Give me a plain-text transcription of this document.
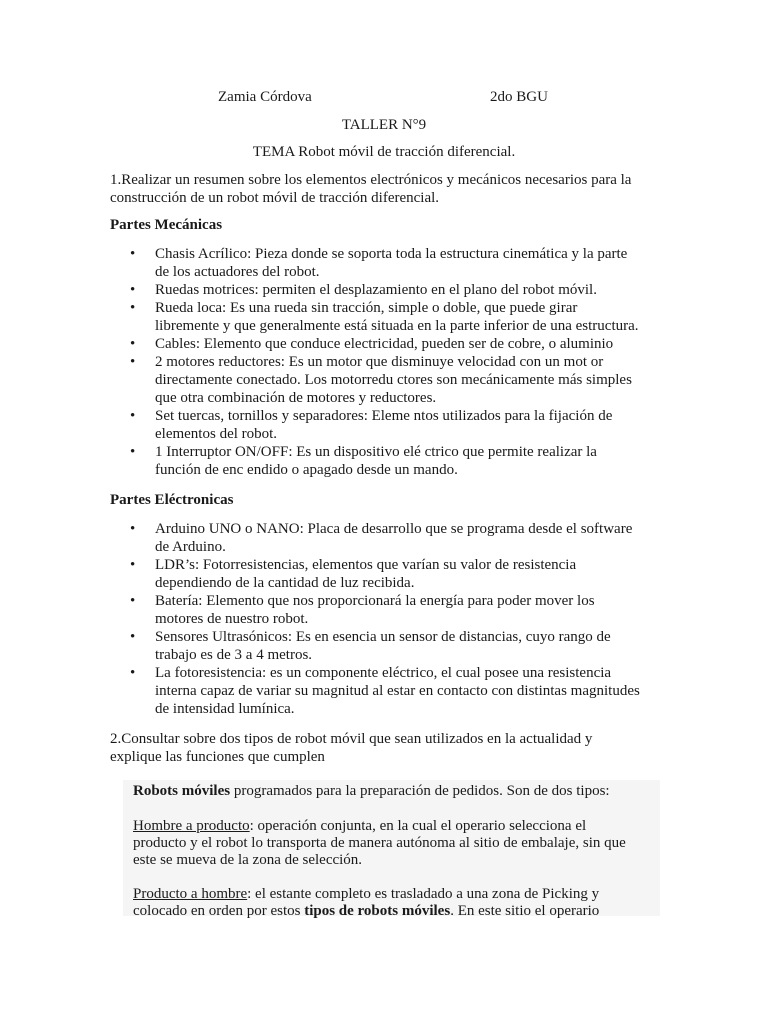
Zamia Córdova	2do BGU
TALLER N°9
TEMA Robot móvil de tracción diferencial.
1.Realizar un resumen sobre los elementos electrónicos y mecánicos necesarios para la
construcción de un robot móvil de tracción diferencial.
Partes Mecánicas
• Chasis Acrílico: Pieza donde se soporta toda la estructura cinemática y la parte
de los actuadores del robot.
• Ruedas motrices: permiten el desplazamiento en el plano del robot móvil.
• Rueda loca: Es una rueda sin tracción, simple o doble, que puede girar
libremente y que generalmente está situada en la parte inferior de una estructura.
• Cables: Elemento que conduce electricidad, pueden ser de cobre, o aluminio
• 2 motores reductores: Es un motor que disminuye velocidad con un mot or
directamente conectado. Los motorredu ctores son mecánicamente más simples
que otra combinación de motores y reductores.
• Set tuercas, tornillos y separadores: Eleme ntos utilizados para la fijación de
elementos del robot.
• 1 Interruptor ON/OFF: Es un dispositivo elé ctrico que permite realizar la
función de enc endido o apagado desde un mando.
Partes Eléctronicas
• Arduino UNO o NANO: Placa de desarrollo que se programa desde el software
de Arduino.
• LDR’s: Fotorresistencias, elementos que varían su valor de resistencia
dependiendo de la cantidad de luz recibida.
• Batería: Elemento que nos proporcionará la energía para poder mover los
motores de nuestro robot.
• Sensores Ultrasónicos: Es en esencia un sensor de distancias, cuyo rango de
trabajo es de 3 a 4 metros.
• La fotoresistencia: es un componente eléctrico, el cual posee una resistencia
interna capaz de variar su magnitud al estar en contacto con distintas magnitudes
de intensidad lumínica.
2.Consultar sobre dos tipos de robot móvil que sean utilizados en la actualidad y
explique las funciones que cumplen
Robots móviles programados para la preparación de pedidos. Son de dos tipos:
Hombre a producto: operación conjunta, en la cual el operario selecciona el
producto y el robot lo transporta de manera autónoma al sitio de embalaje, sin que
este se mueva de la zona de selección.
Producto a hombre: el estante completo es trasladado a una zona de Picking y
colocado en orden por estos tipos de robots móviles. En este sitio el operario
